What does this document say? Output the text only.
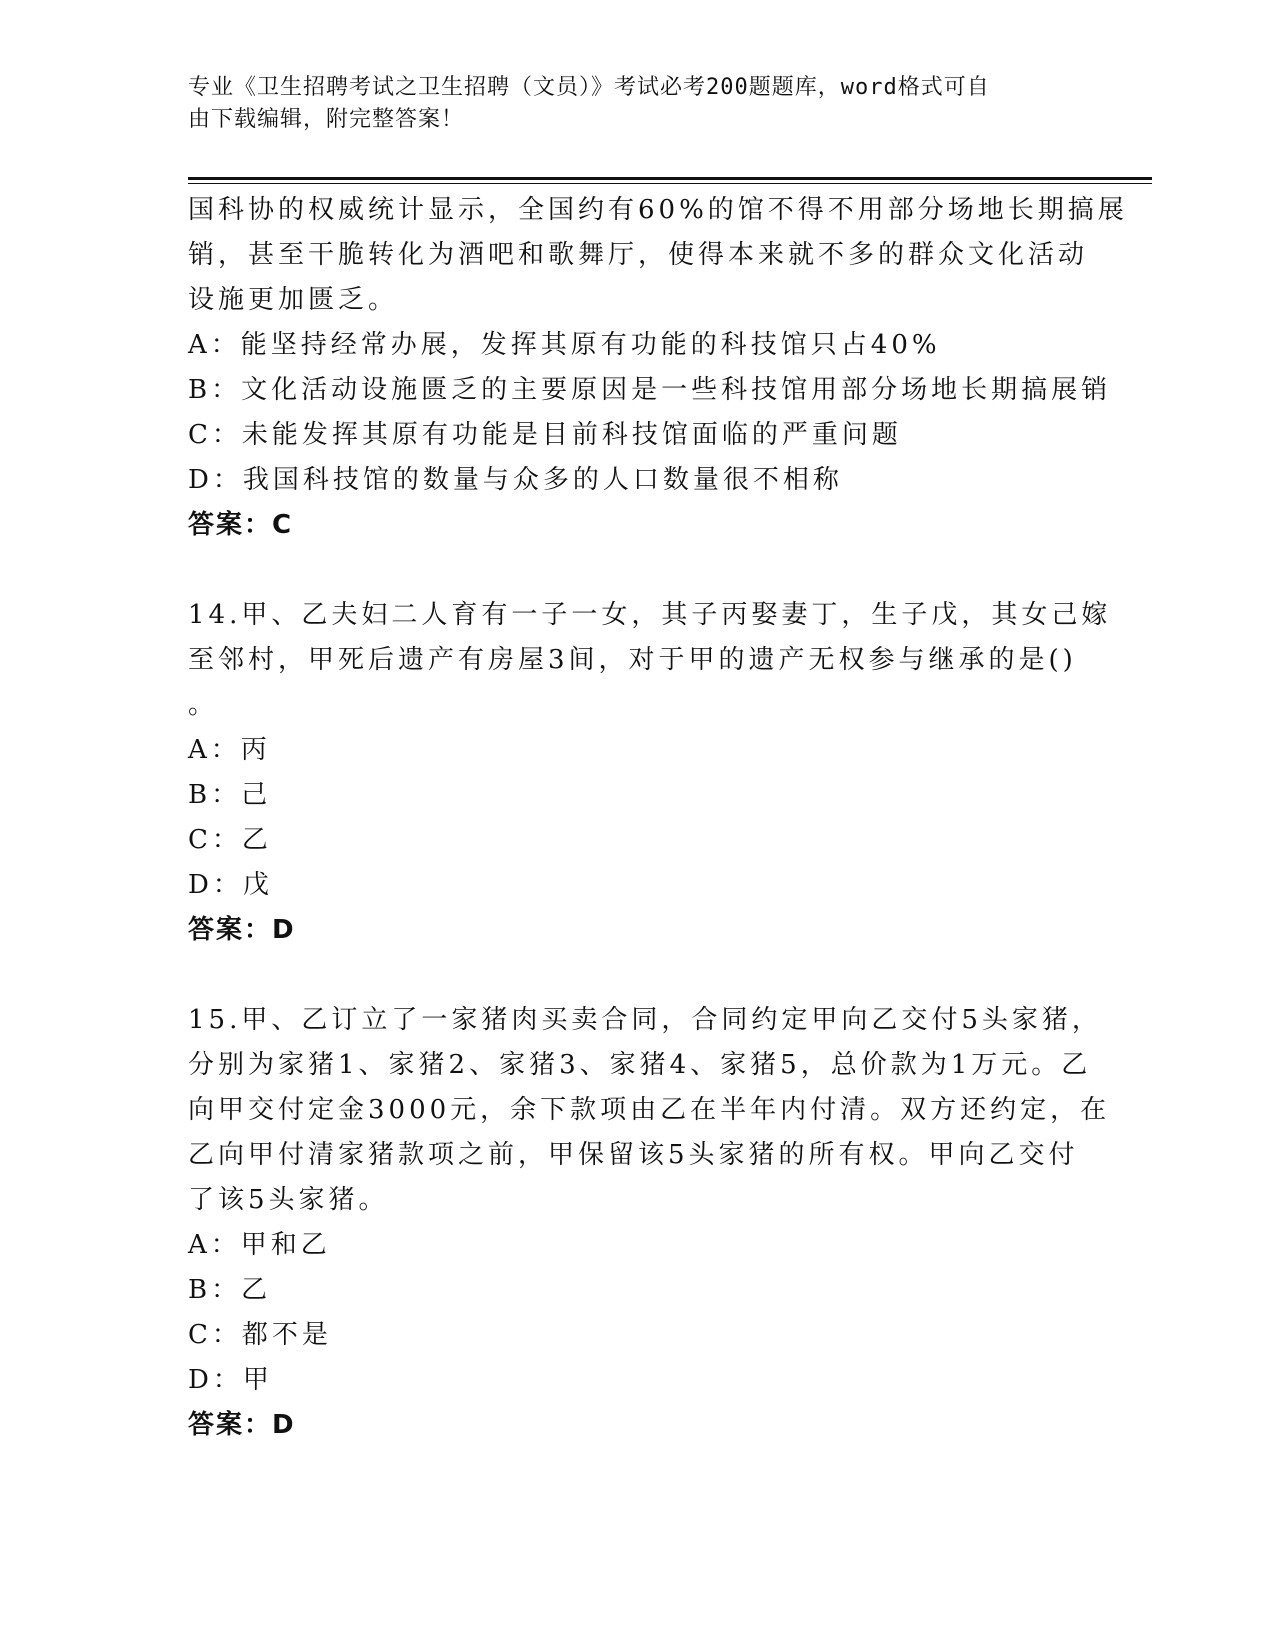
专业《卫生招聘考试之卫生招聘（文员）》考试必考200题题库，word格式可自
由下载编辑，附完整答案！
国科协的权威统计显示，全国约有60%的馆不得不用部分场地长期搞展
销，甚至干脆转化为酒吧和歌舞厅，使得本来就不多的群众文化活动
设施更加匮乏。
A：能坚持经常办展，发挥其原有功能的科技馆只占40%
B：文化活动设施匮乏的主要原因是一些科技馆用部分场地长期搞展销
C：未能发挥其原有功能是目前科技馆面临的严重问题
D：我国科技馆的数量与众多的人口数量很不相称
答案：C
14.甲、乙夫妇二人育有一子一女，其子丙娶妻丁，生子戊，其女己嫁
至邻村，甲死后遗产有房屋3间，对于甲的遗产无权参与继承的是()
。
A：丙
B：己
C：乙
D：戊
答案：D
15.甲、乙订立了一家猪肉买卖合同，合同约定甲向乙交付5头家猪，
分别为家猪1、家猪2、家猪3、家猪4、家猪5，总价款为1万元。乙
向甲交付定金3000元，余下款项由乙在半年内付清。双方还约定，在
乙向甲付清家猪款项之前，甲保留该5头家猪的所有权。甲向乙交付
了该5头家猪。
A：甲和乙
B：乙
C：都不是
D：甲
答案：D
